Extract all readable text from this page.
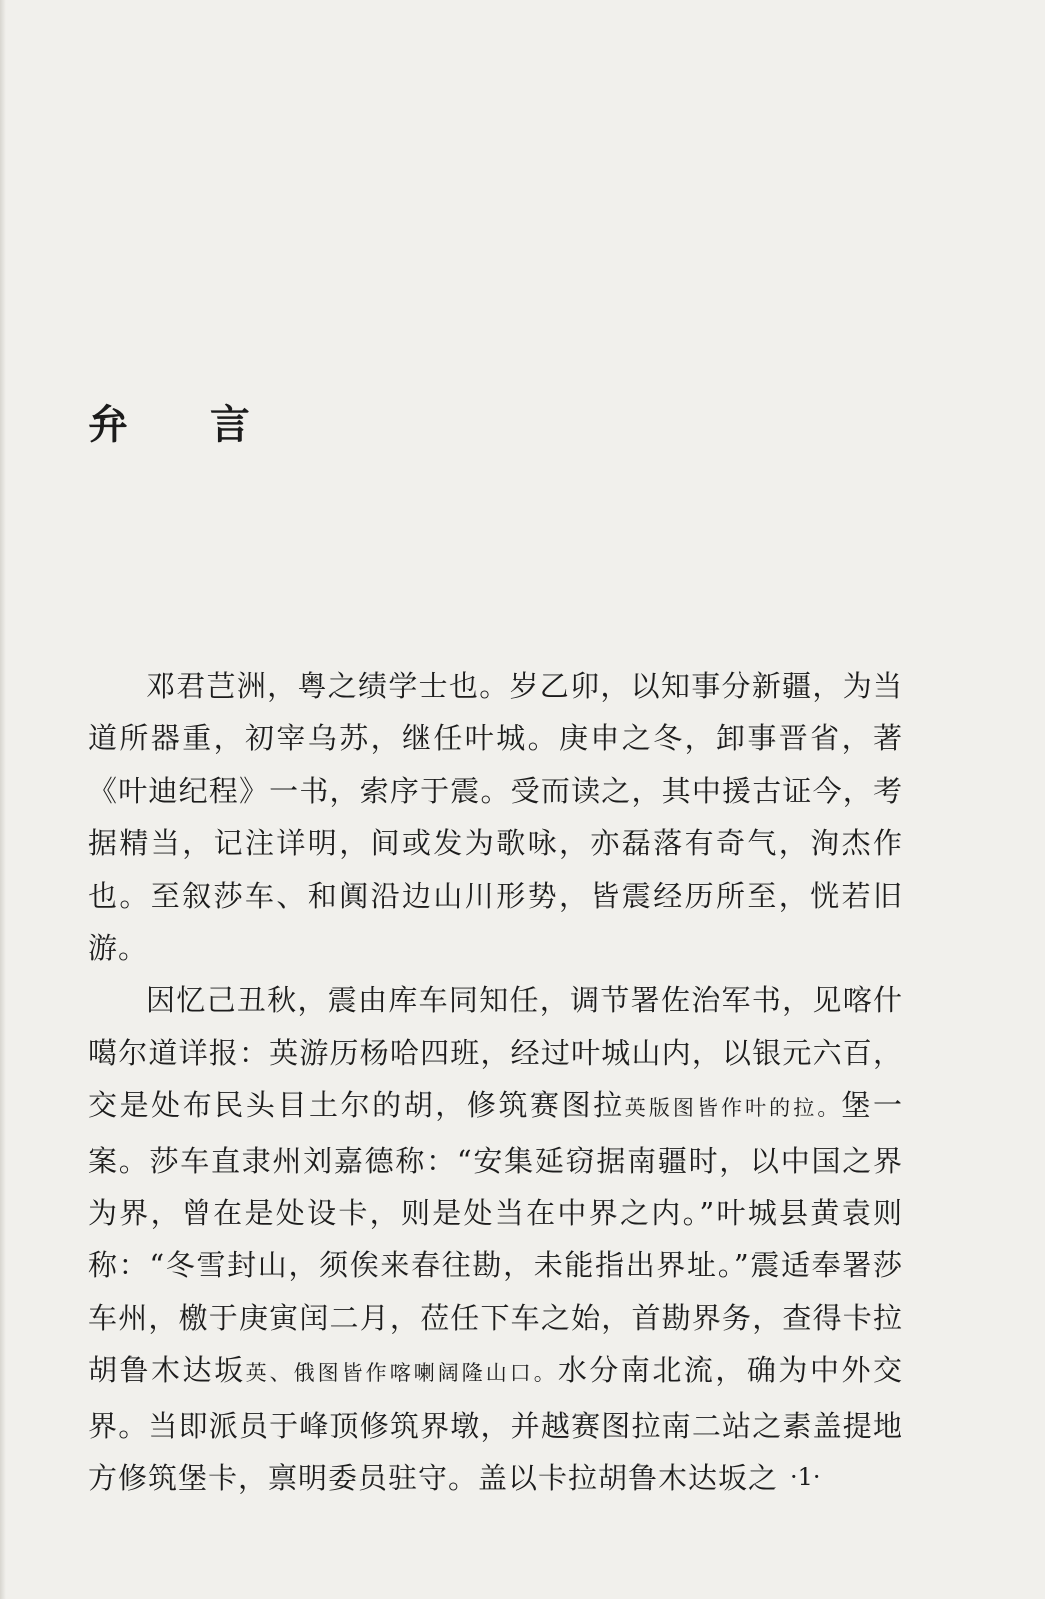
弁 言

邓君芑洲，粤之绩学士也。岁乙卯，以知事分新疆，为当道所器重，初宰乌苏，继任叶城。庚申之冬，卸事晋省，著《叶迪纪程》一书，索序于震。受而读之，其中援古证今，考据精当，记注详明，间或发为歌咏，亦磊落有奇气，洵杰作也。至叙莎车、和阗沿边山川形势，皆震经历所至，恍若旧游。

因忆己丑秋，震由库车同知任，调节署佐治军书，见喀什噶尔道详报：英游历杨哈四班，经过叶城山内，以银元六百，交是处布民头目土尔的胡，修筑赛图拉英版图皆作叶的拉。堡一案。莎车直隶州刘嘉德称：“安集延窃据南疆时，以中国之界为界，曾在是处设卡，则是处当在中界之内。”叶城县黄袁则称：“冬雪封山，须俟来春往勘，未能指出界址。”震适奉署莎车州，檄于庚寅闰二月，莅任下车之始，首勘界务，查得卡拉胡鲁木达坂英、俄图皆作喀喇阔隆山口。水分南北流，确为中外交界。当即派员于峰顶修筑界墩，并越赛图拉南二站之素盖提地方修筑堡卡，禀明委员驻守。盖以卡拉胡鲁木达坂之 ·1·
